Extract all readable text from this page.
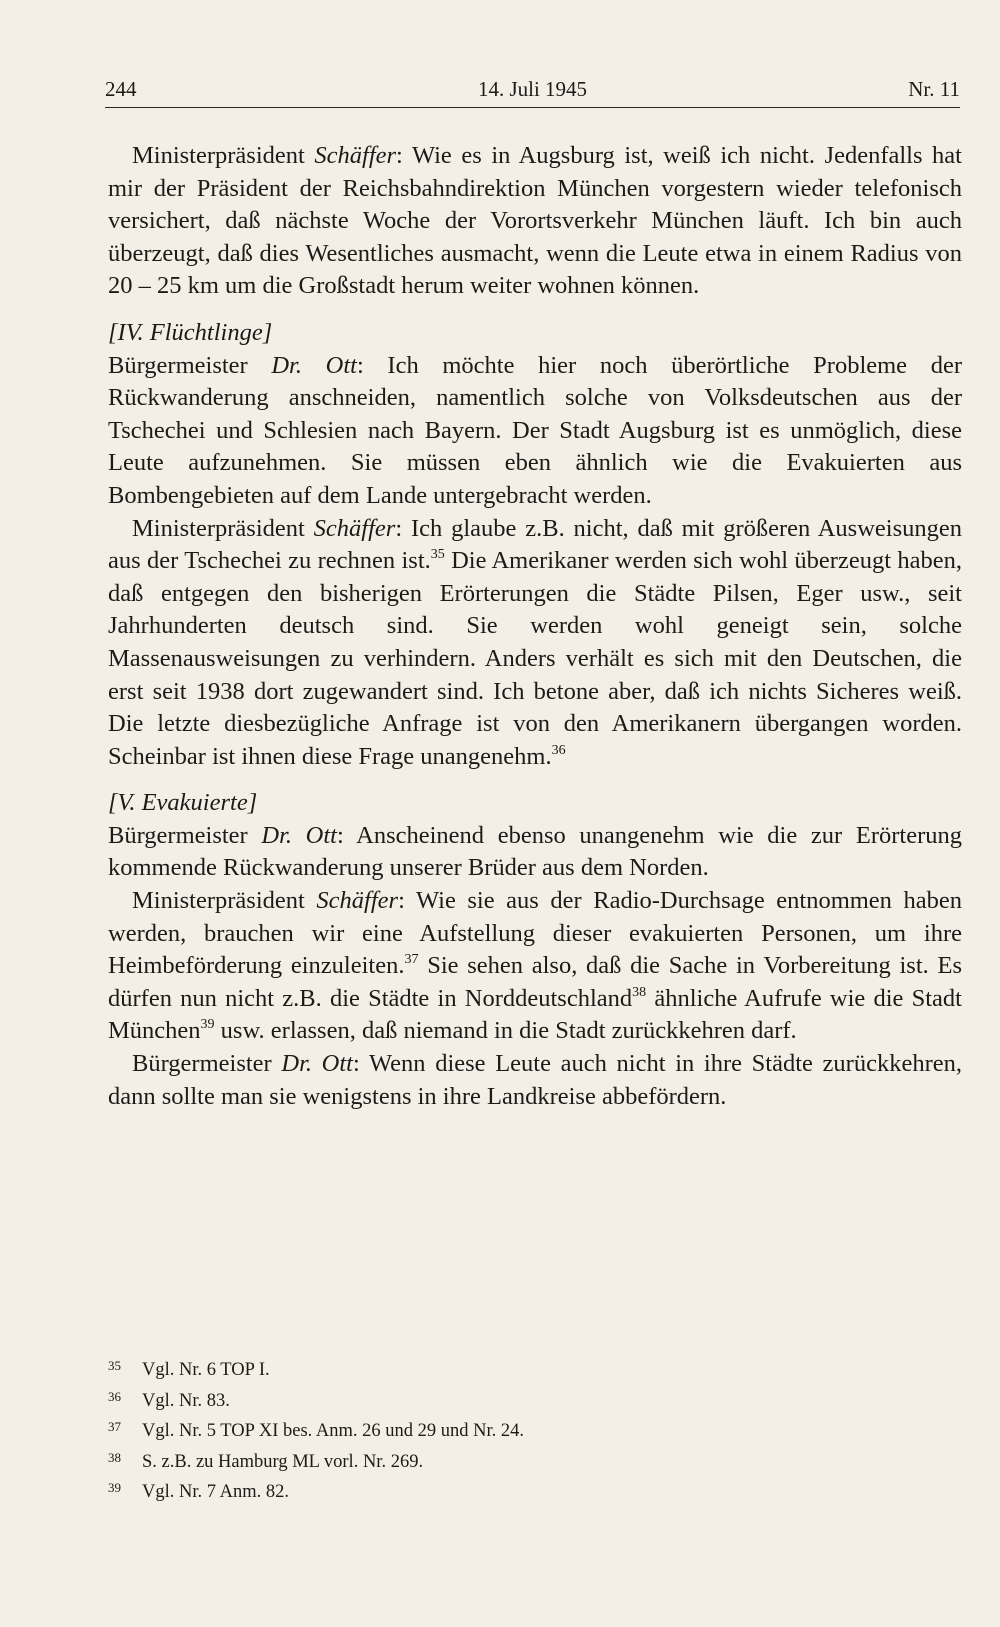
244	14. Juli 1945	Nr. 11

Ministerpräsident Schäffer: Wie es in Augsburg ist, weiß ich nicht. Jedenfalls hat mir der Präsident der Reichsbahndirektion München vorgestern wieder telefonisch versichert, daß nächste Woche der Vorortsverkehr München läuft. Ich bin auch überzeugt, daß dies Wesentliches ausmacht, wenn die Leute etwa in einem Radius von 20 – 25 km um die Großstadt herum weiter wohnen können.

[IV. Flüchtlinge]

Bürgermeister Dr. Ott: Ich möchte hier noch überörtliche Probleme der Rückwanderung anschneiden, namentlich solche von Volksdeutschen aus der Tschechei und Schlesien nach Bayern. Der Stadt Augsburg ist es unmöglich, diese Leute aufzunehmen. Sie müssen eben ähnlich wie die Evakuierten aus Bombengebieten auf dem Lande untergebracht werden.

Ministerpräsident Schäffer: Ich glaube z.B. nicht, daß mit größeren Ausweisungen aus der Tschechei zu rechnen ist.$^{35}$ Die Amerikaner werden sich wohl überzeugt haben, daß entgegen den bisherigen Erörterungen die Städte Pilsen, Eger usw., seit Jahrhunderten deutsch sind. Sie werden wohl geneigt sein, solche Massenausweisungen zu verhindern. Anders verhält es sich mit den Deutschen, die erst seit 1938 dort zugewandert sind. Ich betone aber, daß ich nichts Sicheres weiß. Die letzte diesbezügliche Anfrage ist von den Amerikanern übergangen worden. Scheinbar ist ihnen diese Frage unangenehm.$^{36}$

[V. Evakuierte]

Bürgermeister Dr. Ott: Anscheinend ebenso unangenehm wie die zur Erörterung kommende Rückwanderung unserer Brüder aus dem Norden.

Ministerpräsident Schäffer: Wie sie aus der Radio-Durchsage entnommen haben werden, brauchen wir eine Aufstellung dieser evakuierten Personen, um ihre Heimbeförderung einzuleiten.$^{37}$ Sie sehen also, daß die Sache in Vorbereitung ist. Es dürfen nun nicht z.B. die Städte in Norddeutschland$^{38}$ ähnliche Aufrufe wie die Stadt München$^{39}$ usw. erlassen, daß niemand in die Stadt zurückkehren darf.

Bürgermeister Dr. Ott: Wenn diese Leute auch nicht in ihre Städte zurückkehren, dann sollte man sie wenigstens in ihre Landkreise abbefördern.

35 Vgl. Nr. 6 TOP I.
36 Vgl. Nr. 83.
37 Vgl. Nr. 5 TOP XI bes. Anm. 26 und 29 und Nr. 24.
38 S. z.B. zu Hamburg ML vorl. Nr. 269.
39 Vgl. Nr. 7 Anm. 82.
